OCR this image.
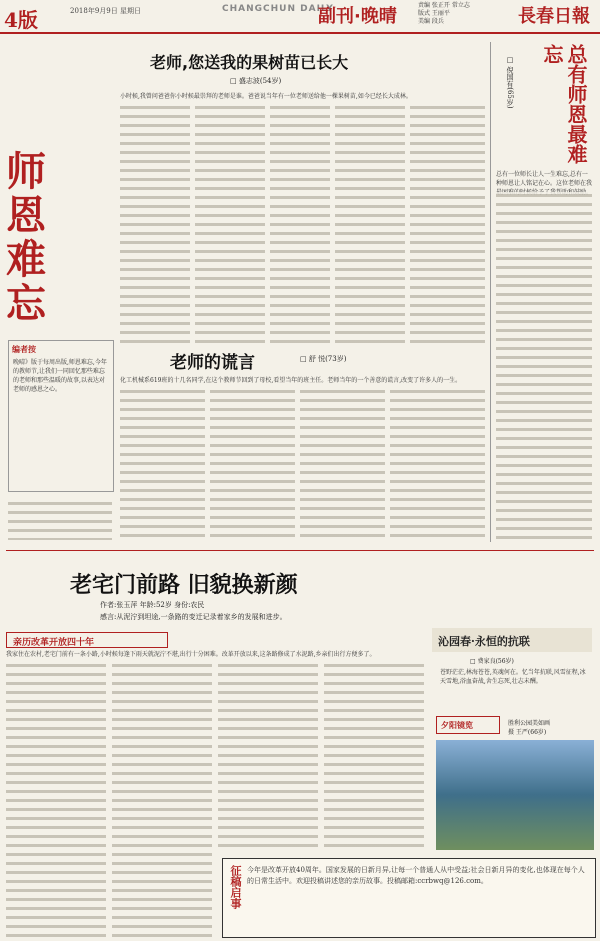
4版	2018年9月9日 星期日	CHANGCHUN DAILY
副刊·晚晴
责编 张正开 常立志
版式 王丽平
美编 段兵	長春日報
老师,您送我的果树苗已长大
□ 盛志波(54岁)
小时候,我曾问爸爸你小时候最崇拜的老师是谁。爸爸说当年有一位老师送给他一棵果树苗,如今已经长大成林。
师恩难忘
编者按
晚晴》版于每周出版,师恩难忘,今年的教师节,让我们一同回忆那些难忘的老师和那些温暖的故事,以表达对老师的感恩之心。
老师的谎言	□ 舒 悦(73岁)
化工机械系619班的十几名同学,在这个教师节回到了母校,看望当年的班主任。老师当年的一个善意的谎言,改变了许多人的一生。
总有师恩最难忘
□ 倪国有(65岁)
总有一位师长让人一生难忘,总有一种师恩让人铭记在心。这位老师在我
老宅门前路 旧貌换新颜
作者:张玉萍 年龄:52岁 身份:农民
感言:从泥泞到坦途,一条路的变迁记录着家乡的发展和进步。
亲历改革开放四十年
我家住在农村,老宅门前有一条小路,小时候每逢下雨天就泥泞不堪,出行十分困难。改革开放以来,这条路修成了水泥路,乡亲们出行方便多了。
沁园春·永恒的抗联
□ 费家良(56岁)
苍野茫茫,林海苍苍,英魂何在。忆当年抗联,风雪征程,冰天雪地,浴血奋战,舍生忘死,壮志未酬。
夕阳镜览	胜利公园美如画
摄 王严(66岁)
征稿启事 今年是改革开放40周年。国家发展的日新月异,让每一个普通人从中受益;社会日新月异的变化,也体现在每个人的日常生活中。欢迎投稿讲述您的亲历故事。投稿邮箱:ccrbwq@126.com。
